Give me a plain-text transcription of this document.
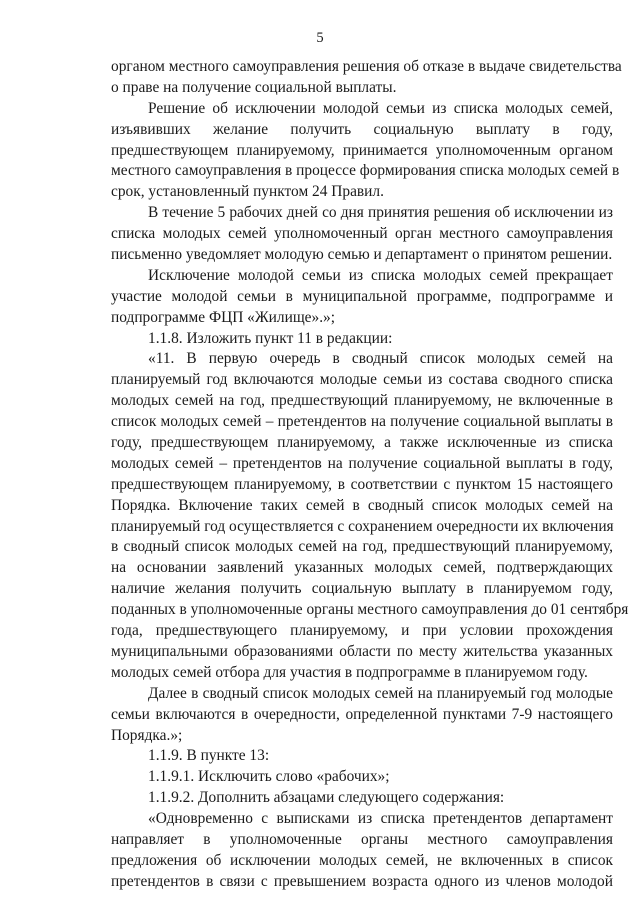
5
органом местного самоуправления решения об отказе в выдаче свидетельства
о праве на получение социальной выплаты.
Решение об исключении молодой семьи из списка молодых семей,
изъявивших желание получить социальную выплату в году,
предшествующем планируемому, принимается уполномоченным органом
местного самоуправления в процессе формирования списка молодых семей в
срок, установленный пунктом 24 Правил.
В течение 5 рабочих дней со дня принятия решения об исключении из
списка молодых семей уполномоченный орган местного самоуправления
письменно уведомляет молодую семью и департамент о принятом решении.
Исключение молодой семьи из списка молодых семей прекращает
участие молодой семьи в муниципальной программе, подпрограмме и
подпрограмме ФЦП «Жилище».»;
1.1.8. Изложить пункт 11 в редакции:
«11. В первую очередь в сводный список молодых семей на
планируемый год включаются молодые семьи из состава сводного списка
молодых семей на год, предшествующий планируемому, не включенные в
список молодых семей – претендентов на получение социальной выплаты в
году, предшествующем планируемому, а также исключенные из списка
молодых семей – претендентов на получение социальной выплаты в году,
предшествующем планируемому, в соответствии с пунктом 15 настоящего
Порядка. Включение таких семей в сводный список молодых семей на
планируемый год осуществляется с сохранением очередности их включения
в сводный список молодых семей на год, предшествующий планируемому,
на основании заявлений указанных молодых семей, подтверждающих
наличие желания получить социальную выплату в планируемом году,
поданных в уполномоченные органы местного самоуправления до 01 сентября
года, предшествующего планируемому, и при условии прохождения
муниципальными образованиями области по месту жительства указанных
молодых семей отбора для участия в подпрограмме в планируемом году.
Далее в сводный список молодых семей на планируемый год молодые
семьи включаются в очередности, определенной пунктами 7-9 настоящего
Порядка.»;
1.1.9. В пункте 13:
1.1.9.1. Исключить слово «рабочих»;
1.1.9.2. Дополнить абзацами следующего содержания:
«Одновременно с выписками из списка претендентов департамент
направляет в уполномоченные органы местного самоуправления
предложения об исключении молодых семей, не включенных в список
претендентов в связи с превышением возраста одного из членов молодой
